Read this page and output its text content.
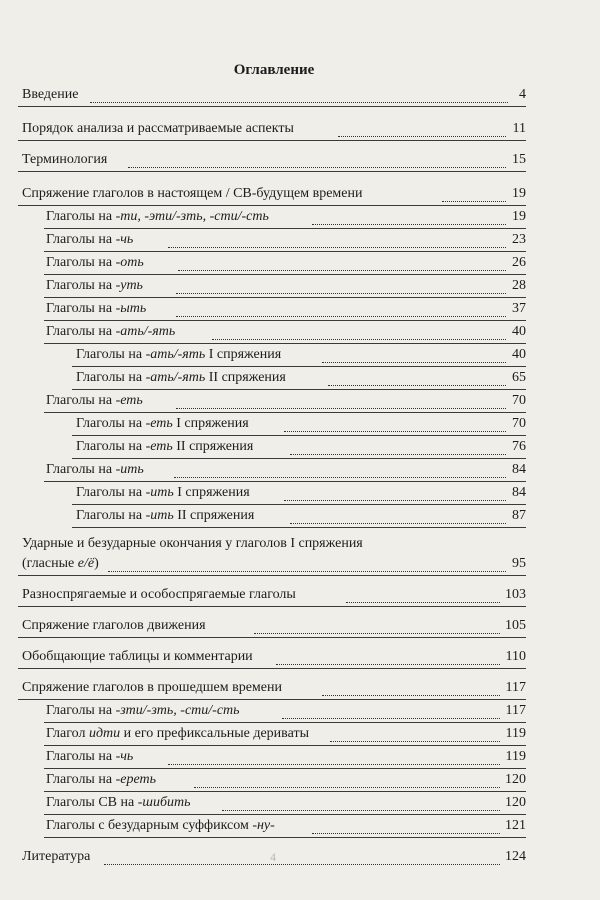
Оглавление
Введение	4
Порядок анализа и рассматриваемые аспекты	11
Терминология	15
Спряжение глаголов в настоящем / СВ-будущем времени	19
Глаголы на -ти, -эти/-зть, -сти/-сть	19
Глаголы на -чь	23
Глаголы на -оть	26
Глаголы на -уть	28
Глаголы на -ыть	37
Глаголы на -ать/-ять	40
Глаголы на -ать/-ять I спряжения	40
Глаголы на -ать/-ять II спряжения	65
Глаголы на -еть	70
Глаголы на -еть I спряжения	70
Глаголы на -еть II спряжения	76
Глаголы на -ить	84
Глаголы на -ить I спряжения	84
Глаголы на -ить II спряжения	87
Ударные и безударные окончания у глаголов I спряжения
(гласные е/ё)	95
Разноспрягаемые и особоспрягаемые глаголы	103
Спряжение глаголов движения	105
Обобщающие таблицы и комментарии	110
Спряжение глаголов в прошедшем времени	117
Глаголы на -зти/-зть, -сти/-сть	117
Глагол идти и его префиксальные дериваты	119
Глаголы на -чь	119
Глаголы на -ереть	120
Глаголы СВ на -шибить	120
Глаголы с безударным суффиксом -ну-	121
Литература	124
4
